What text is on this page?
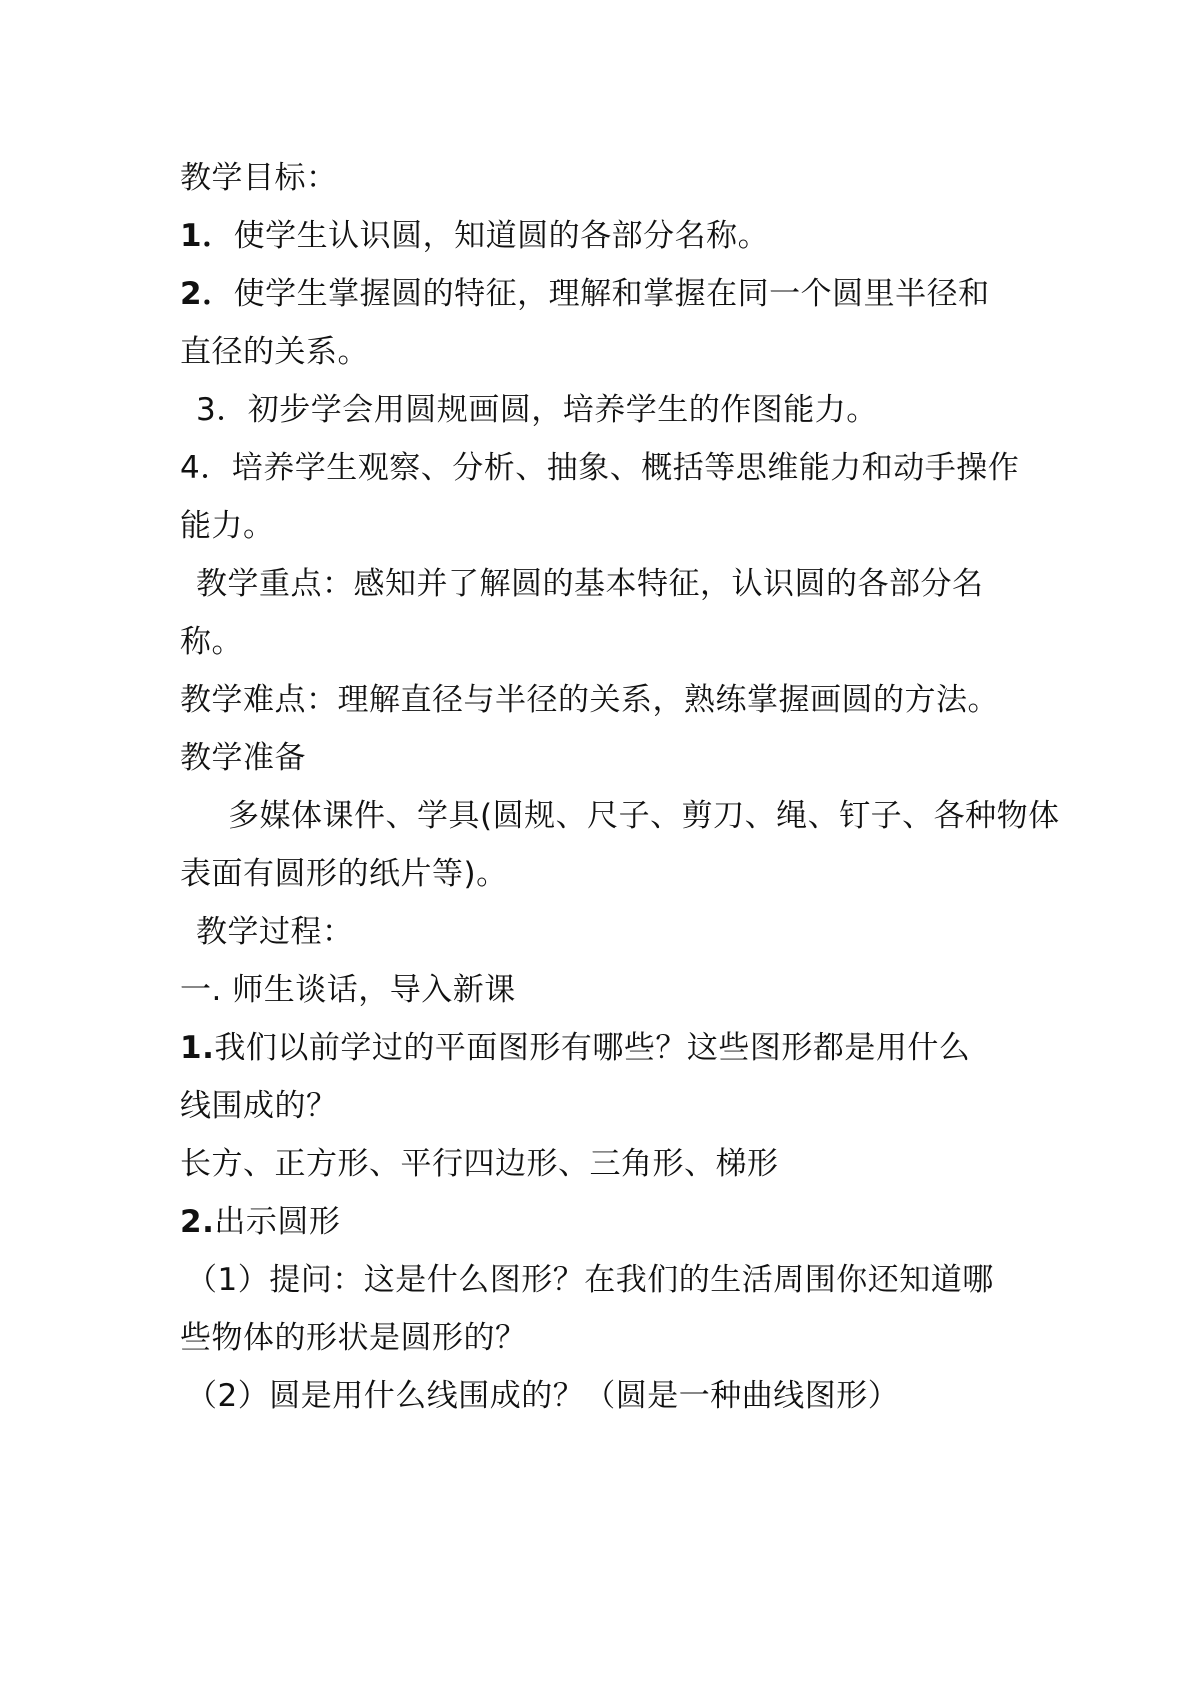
教学目标：
1．使学生认识圆，知道圆的各部分名称。
2．使学生掌握圆的特征，理解和掌握在同一个圆里半径和
直径的关系。
3．初步学会用圆规画圆，培养学生的作图能力。
4．培养学生观察、分析、抽象、概括等思维能力和动手操作
能力。
教学重点：感知并了解圆的基本特征，认识圆的各部分名
称。
教学难点：理解直径与半径的关系，熟练掌握画圆的方法。
教学准备
多媒体课件、学具(圆规、尺子、剪刀、绳、钉子、各种物体
表面有圆形的纸片等)。
教学过程：
一. 师生谈话，导入新课
1.我们以前学过的平面图形有哪些？这些图形都是用什么
线围成的？
长方、正方形、平行四边形、三角形、梯形
2.出示圆形
（1）提问：这是什么图形？在我们的生活周围你还知道哪
些物体的形状是圆形的？
（2）圆是用什么线围成的？（圆是一种曲线图形）
